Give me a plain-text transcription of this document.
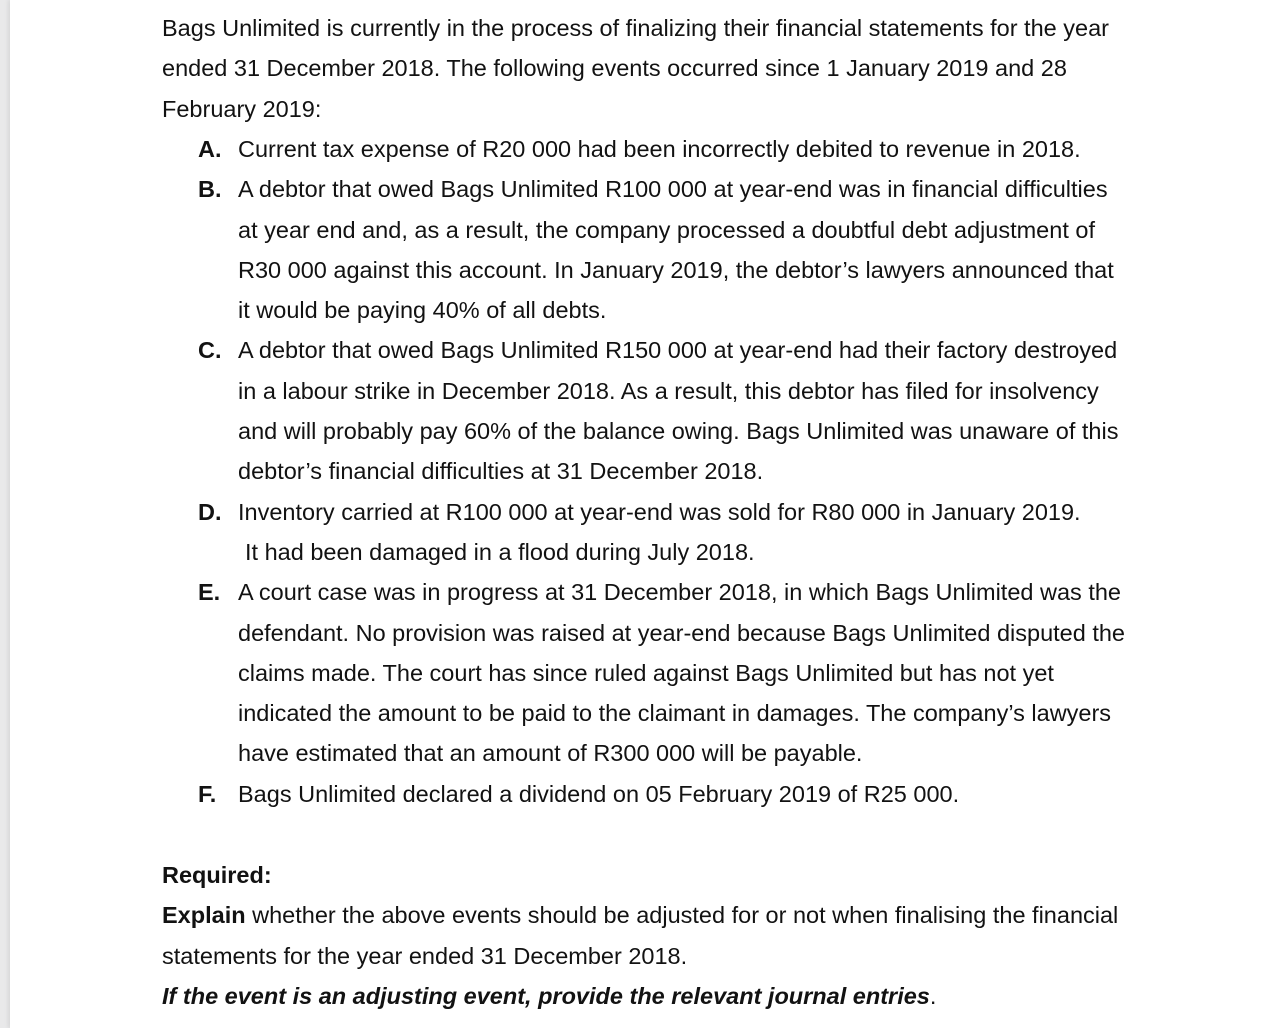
Bags Unlimited is currently in the process of finalizing their financial statements for the year ended 31 December 2018. The following events occurred since 1 January 2019 and 28 February 2019:

A. Current tax expense of R20 000 had been incorrectly debited to revenue in 2018.
B. A debtor that owed Bags Unlimited R100 000 at year-end was in financial difficulties at year end and, as a result, the company processed a doubtful debt adjustment of   R30 000 against this account. In January 2019, the debtor’s lawyers announced that it would be paying 40% of all debts.
C. A debtor that owed Bags Unlimited R150 000 at year-end had their factory destroyed in a labour strike in December 2018. As a result, this debtor has filed for insolvency and will probably pay 60% of the balance owing. Bags Unlimited was unaware of this debtor’s financial difficulties at 31 December 2018.
D. Inventory carried at R100 000 at year-end was sold for R80 000 in January 2019.
It had been damaged in a flood during July 2018.
E. A court case was in progress at 31 December 2018, in which Bags Unlimited was the defendant. No provision was raised at year-end because Bags Unlimited disputed the claims made. The court has since ruled against Bags Unlimited but has not yet indicated the amount to be paid to the claimant in damages. The company’s lawyers have estimated that an amount of R300 000 will be payable.
F. Bags Unlimited declared a dividend on 05 February 2019 of R25 000.
Required:
Explain whether the above events should be adjusted for or not when finalising the financial statements for the year ended 31 December 2018.
If the event is an adjusting event, provide the relevant journal entries.
